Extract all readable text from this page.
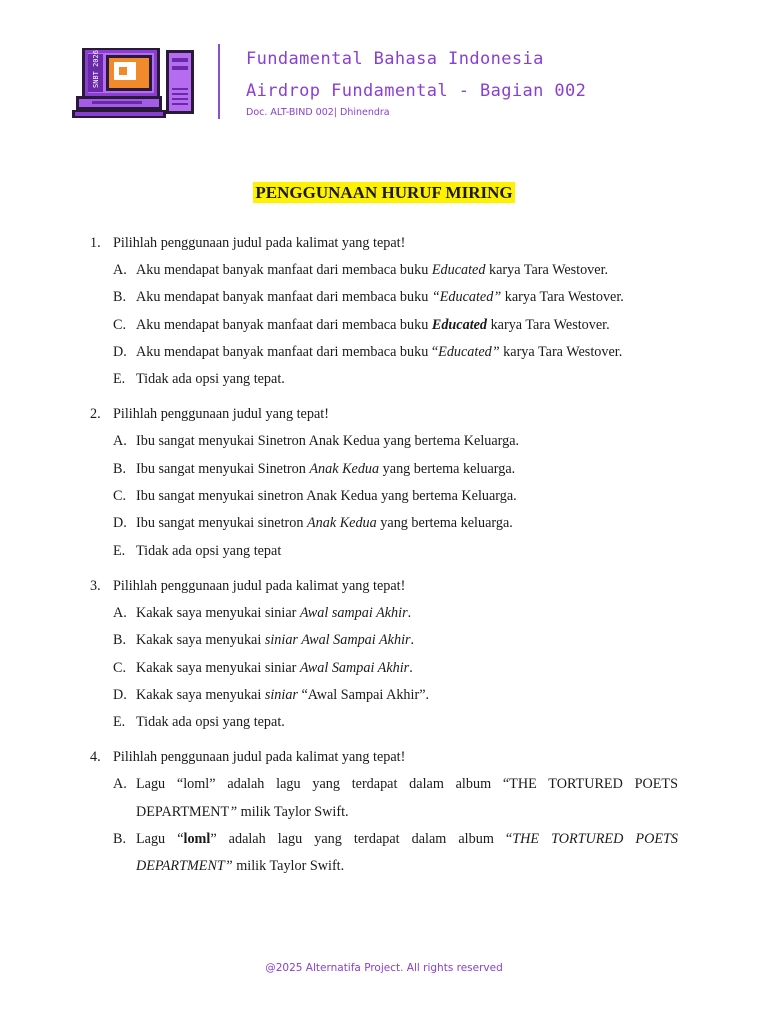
SNBT 2026	Fundamental Bahasa Indonesia
Airdrop Fundamental - Bagian 002
Doc. ALT-BIND 002| Dhinendra
PENGGUNAAN HURUF MIRING
1. Pilihlah penggunaan judul pada kalimat yang tepat!
A. Aku mendapat banyak manfaat dari membaca buku Educated karya Tara Westover.
B. Aku mendapat banyak manfaat dari membaca buku “Educated” karya Tara Westover.
C. Aku mendapat banyak manfaat dari membaca buku Educated karya Tara Westover.
D. Aku mendapat banyak manfaat dari membaca buku “Educated” karya Tara Westover.
E. Tidak ada opsi yang tepat.
2. Pilihlah penggunaan judul yang tepat!
A. Ibu sangat menyukai Sinetron Anak Kedua yang bertema Keluarga.
B. Ibu sangat menyukai Sinetron Anak Kedua yang bertema keluarga.
C. Ibu sangat menyukai sinetron Anak Kedua yang bertema Keluarga.
D. Ibu sangat menyukai sinetron Anak Kedua yang bertema keluarga.
E. Tidak ada opsi yang tepat
3. Pilihlah penggunaan judul pada kalimat yang tepat!
A. Kakak saya menyukai siniar Awal sampai Akhir.
B. Kakak saya menyukai siniar Awal Sampai Akhir.
C. Kakak saya menyukai siniar Awal Sampai Akhir.
D. Kakak saya menyukai siniar “Awal Sampai Akhir”.
E. Tidak ada opsi yang tepat.
4. Pilihlah penggunaan judul pada kalimat yang tepat!
A. Lagu “loml” adalah lagu yang terdapat dalam album “THE TORTURED POETS DEPARTMENT” milik Taylor Swift.
B. Lagu “loml” adalah lagu yang terdapat dalam album “THE TORTURED POETS DEPARTMENT” milik Taylor Swift.
@2025 Alternatifa Project. All rights reserved
